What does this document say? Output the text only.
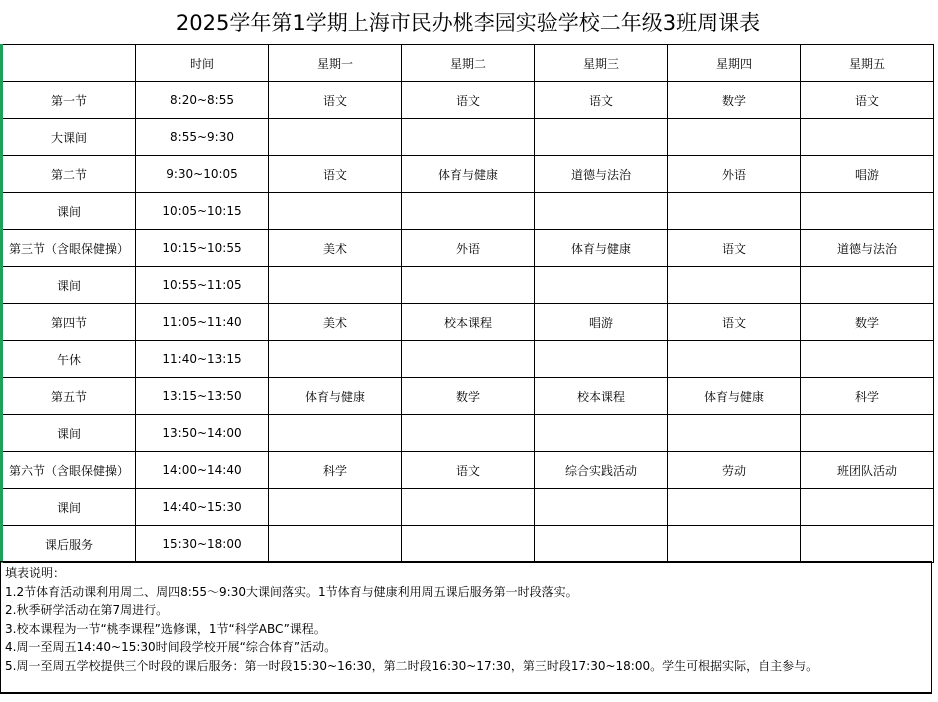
2025学年第1学期上海市民办桃李园实验学校二年级3班周课表
	时间	星期一	星期二	星期三	星期四	星期五
第一节	8:20~8:55	语文	语文	语文	数学	语文
大课间	8:55~9:30					
第二节	9:30~10:05	语文	体育与健康	道德与法治	外语	唱游
课间	10:05~10:15					
第三节（含眼保健操）	10:15~10:55	美术	外语	体育与健康	语文	道德与法治
课间	10:55~11:05					
第四节	11:05~11:40	美术	校本课程	唱游	语文	数学
午休	11:40~13:15					
第五节	13:15~13:50	体育与健康	数学	校本课程	体育与健康	科学
课间	13:50~14:00					
第六节（含眼保健操）	14:00~14:40	科学	语文	综合实践活动	劳动	班团队活动
课间	14:40~15:30					
课后服务	15:30~18:00					
填表说明：
1.2节体育活动课利用周二、周四8:55～9:30大课间落实。1节体育与健康利用周五课后服务第一时段落实。
2.秋季研学活动在第7周进行。
3.校本课程为一节“桃李课程”选修课，1节“科学ABC”课程。
4.周一至周五14:40~15:30时间段学校开展“综合体育”活动。
5.周一至周五学校提供三个时段的课后服务：第一时段15:30~16:30，第二时段16:30~17:30，第三时段17:30~18:00。学生可根据实际，自主参与。
